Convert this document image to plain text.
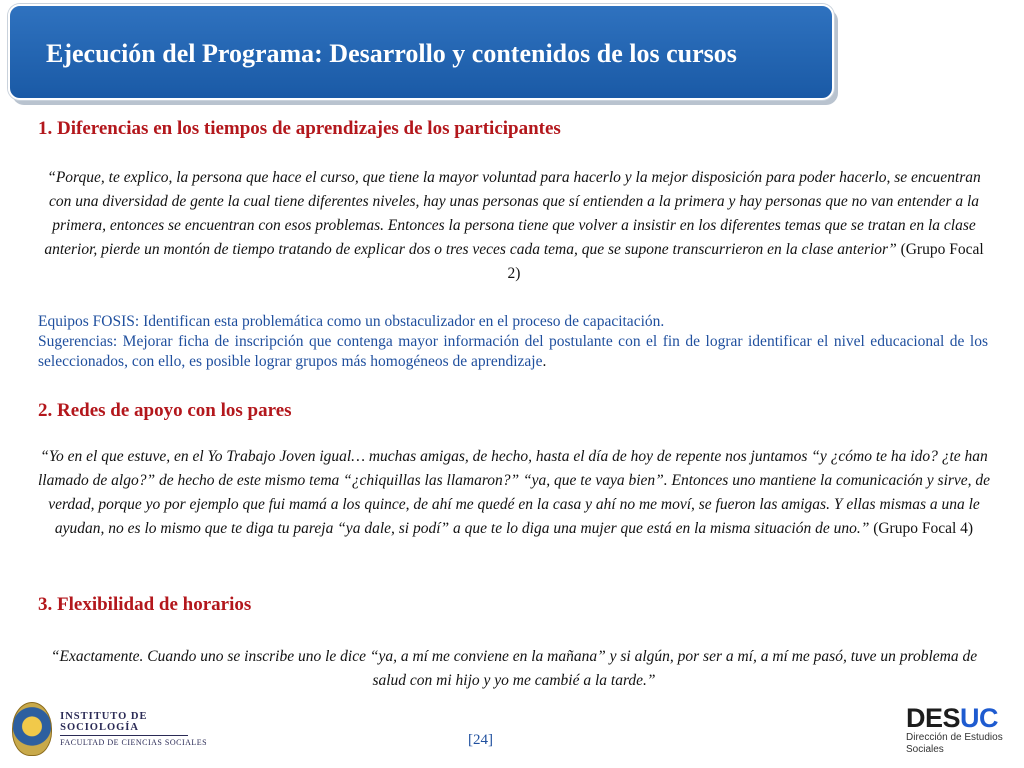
Ejecución del Programa: Desarrollo y contenidos de los cursos
1. Diferencias en los tiempos de aprendizajes de los participantes
“Porque, te explico, la persona que hace el curso, que tiene la mayor voluntad para hacerlo y la mejor disposición para poder hacerlo, se encuentran con una diversidad de gente la cual tiene diferentes niveles, hay unas personas que sí entienden a la primera y hay personas que no van entender a la primera, entonces se encuentran con esos problemas. Entonces la persona tiene que volver a insistir en los diferentes temas que se tratan en la clase anterior, pierde un montón de tiempo tratando de explicar dos o tres veces cada tema, que se supone transcurrieron en la clase anterior” (Grupo Focal 2)
Equipos FOSIS: Identifican esta problemática como un obstaculizador en el proceso de capacitación.
Sugerencias: Mejorar ficha de inscripción que contenga mayor información del postulante con el fin de lograr identificar el nivel educacional de los seleccionados, con ello, es posible lograr grupos más homogéneos de aprendizaje.
2. Redes de apoyo con los pares
“Yo en el que estuve, en el Yo Trabajo Joven igual… muchas amigas, de hecho, hasta el día de hoy de repente nos juntamos “y ¿cómo te ha ido? ¿te han llamado de algo?” de hecho de este mismo tema “¿chiquillas las llamaron?” “ya, que te vaya bien”. Entonces uno mantiene la comunicación y sirve, de verdad, porque yo por ejemplo que fui mamá a los quince, de ahí me quedé en la casa y ahí no me moví, se fueron las amigas. Y ellas mismas a una le ayudan, no es lo mismo que te diga tu pareja “ya dale, si podí” a que te lo diga una mujer que está en la misma situación de uno.” (Grupo Focal 4)
3. Flexibilidad de horarios
“Exactamente. Cuando uno se inscribe uno le dice “ya, a mí me conviene en la mañana” y si algún, por ser a mí, a mí me pasó, tuve un problema de salud con mi hijo y yo me cambié a la tarde.”
INSTITUTO DE SOCIOLOGÍA
FACULTAD DE CIENCIAS SOCIALES	[24]
DESUC
Dirección de Estudios
Sociales
